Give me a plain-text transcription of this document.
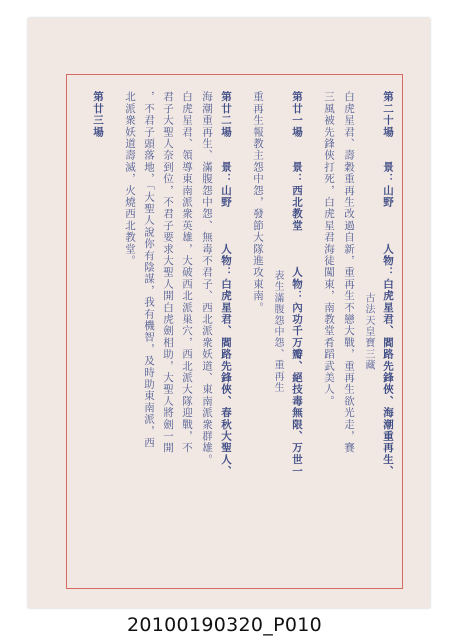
第二十場　　景：山野　　　人物：白虎星君、閻路先鋒俠、海潮重再生、
　　　　　　　　　　　　　　　　　　古法天皇寶三藏
白虎星君、壽穀重再生改過自新，重再生不戀大戰，重再生欲光走，賽
三風被先鋒俠打死，白虎星君海徒闖東，南教堂肴蹈武美人。
第廿一場　　景：西北教堂　　　人物：內功千万瓣、絕技毒無限、万世一
　　　　　　　　　　　　　　　　表生滿腹怨中怨、重再生
重再生報教主怨中怨，發節大隊進攻東南。
第廿二場　　景：山野　　　人物：白虎星君、閻路先鋒俠、春秋大聖人、
海潮重再生、滿腹怨中怨、無毒不君子、西北派衆妖道、東南派衆群雄。
白虎星君、領導東南派衆英雄，大破西北派巢穴，西北派大隊迎戰，不
君子大聖人奈到位，不君子要求大聖人開白虎劍相助，大聖人將劍一開
，不君子頭落地，「大聖人說你有陰謀，我有機智，及時助東南派，西
北派衆妖道壽滅，火燒西北教堂。
第廿三場
20100190320_P010
